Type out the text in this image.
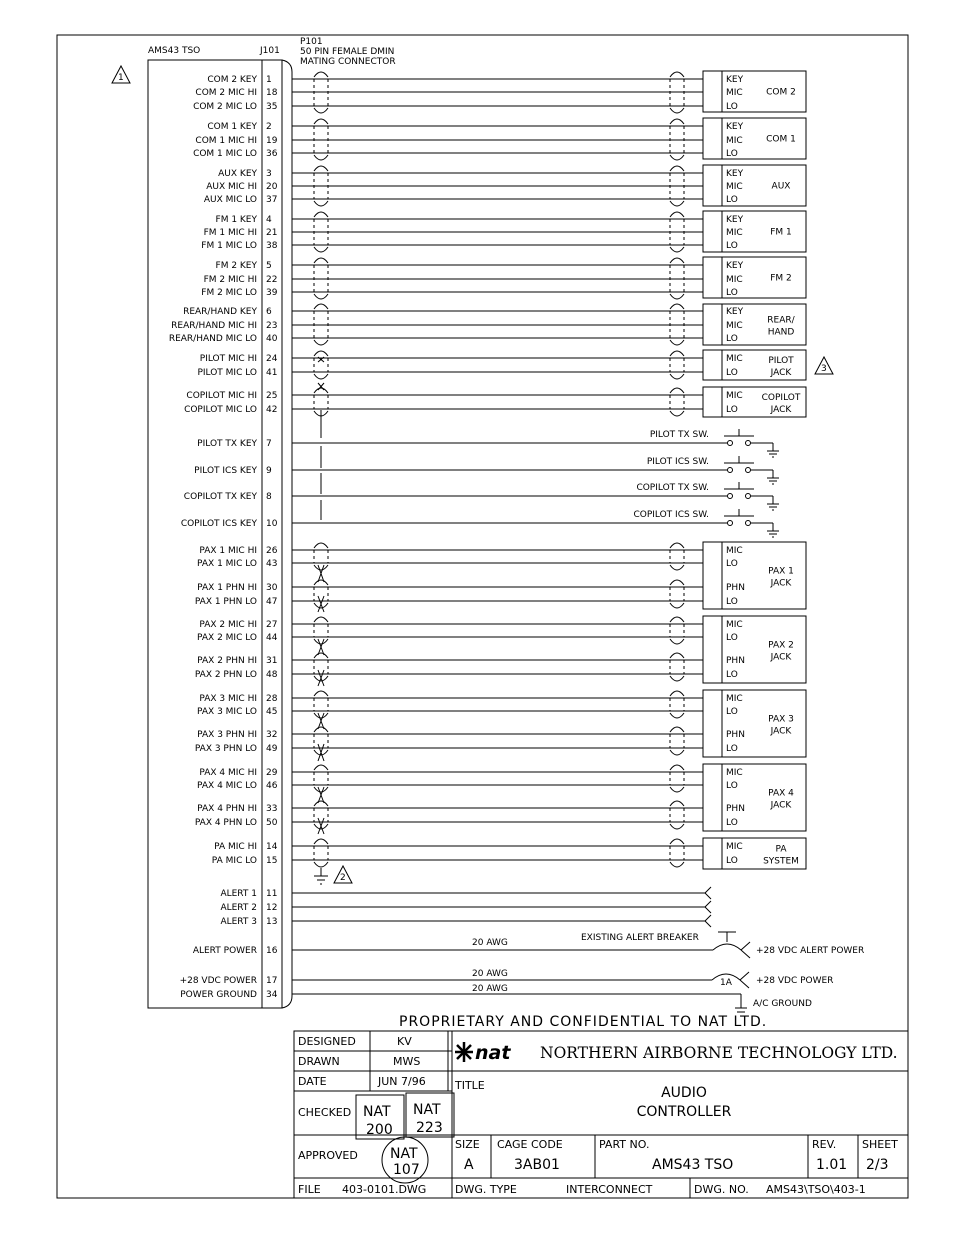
AMS43 TSO	J101
P101
50 PIN FEMALE DMIN
MATING CONNECTOR
1	COM 2 KEY 1
COM 2 MIC HI 18
COM 2 MIC LO 35
COM 1 KEY 2
COM 1 MIC HI 19
COM 1 MIC LO 36
AUX KEY 3
AUX MIC HI 20
AUX MIC LO 37
FM 1 KEY 4
FM 1 MIC HI 21
FM 1 MIC LO 38
FM 2 KEY 5
FM 2 MIC HI 22
FM 2 MIC LO 39
REAR/HAND KEY 6
REAR/HAND MIC HI 23
REAR/HAND MIC LO 40
PILOT MIC HI 24
PILOT MIC LO 41
COPILOT MIC HI 25
COPILOT MIC LO 42
PILOT TX KEY 7
PILOT ICS KEY 9
COPILOT TX KEY 8
COPILOT ICS KEY 10
PAX 1 MIC HI 26
PAX 1 MIC LO 43
PAX 1 PHN HI 30
PAX 1 PHN LO 47
PAX 2 MIC HI 27
PAX 2 MIC LO 44
PAX 2 PHN HI 31
PAX 2 PHN LO 48
PAX 3 MIC HI 28
PAX 3 MIC LO 45
PAX 3 PHN HI 32
PAX 3 PHN LO 49
PAX 4 MIC HI 29
PAX 4 MIC LO 46
PAX 4 PHN HI 33
PAX 4 PHN LO 50
PA MIC HI 14
PA MIC LO 15
ALERT 1 11
ALERT 2 12
ALERT 3 13
ALERT POWER 16
+28 VDC POWER 17
POWER GROUND 34
KEY
MIC
LO
COM 2
KEY
MIC
LO
COM 1
KEY
MIC
LO
AUX
KEY
MIC
LO
FM 1
KEY
MIC
LO
FM 2
KEY
MIC
LO
REAR/
HAND
MIC
LO
PILOT
JACK
MIC
LO
COPILOT
JACK
MIC
LO
PHN
LO
PAX 1
JACK
MIC
LO
PHN
LO
PAX 2
JACK
MIC
LO
PHN
LO
PAX 3
JACK
MIC
LO
PHN
LO
PAX 4
JACK
MIC
LO
PA
SYSTEM
PILOT TX SW.
PILOT ICS SW.
COPILOT TX SW.
COPILOT ICS SW.
2
3
20 AWG	EXISTING ALERT BREAKER
+28 VDC ALERT POWER
20 AWG
20 AWG
1A	+28 VDC POWER
A/C GROUND
PROPRIETARY AND CONFIDENTIAL TO NAT LTD.
DESIGNED	KV
DRAWN	MWS
DATE	JUN 7/96
CHECKED NAT
200
NAT
223
APPROVED NAT
107
nat NORTHERN AIRBORNE TECHNOLOGY LTD.
TITLE	AUDIO
CONTROLLER
SIZE
A
CAGE CODE
3AB01
PART NO.
AMS43 TSO
REV.
1.01
SHEET
2/3
FILE 403-0101.DWG	DWG. TYPE	INTERCONNECT	DWG. NO. AMS43\TSO\403-1
